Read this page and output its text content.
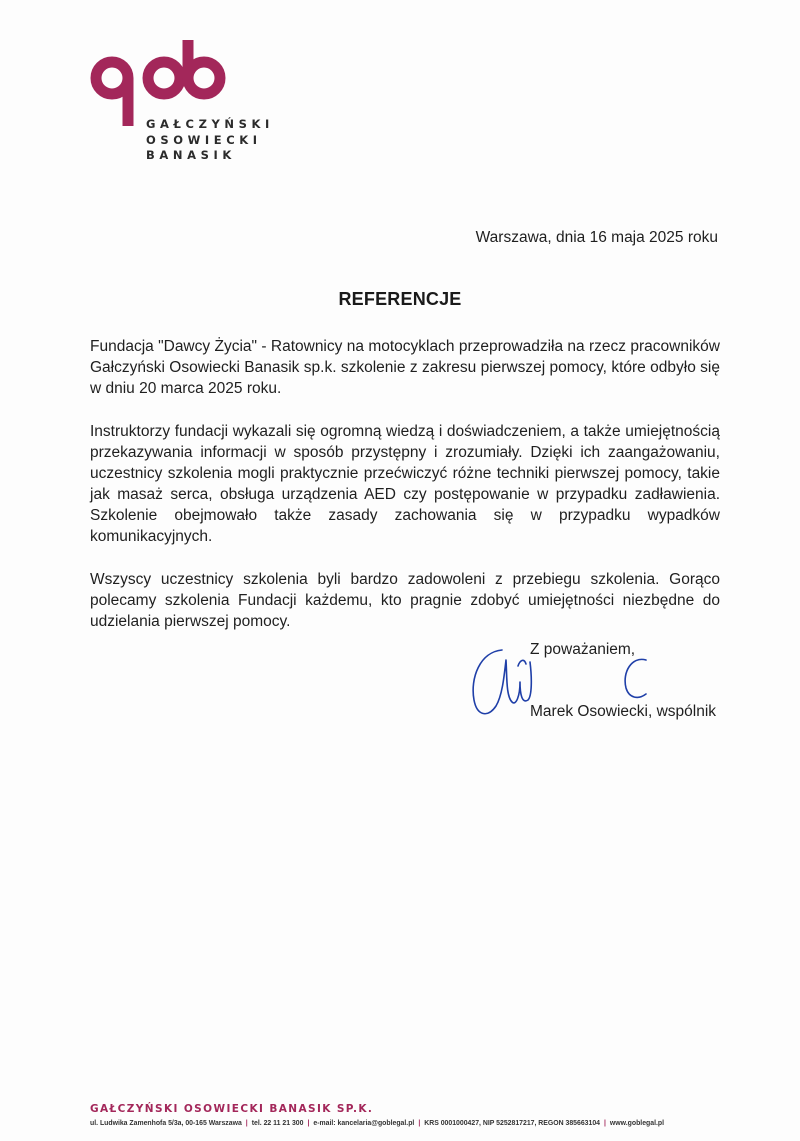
GAŁCZYŃSKI
OSOWIECKI
BANASIK
Warszawa, dnia 16 maja 2025 roku
REFERENCJE

Fundacja "Dawcy Życia" - Ratownicy na motocyklach przeprowadziła na rzecz pracowników Gałczyński Osowiecki Banasik sp.k. szkolenie z zakresu pierwszej pomocy, które odbyło się w dniu 20 marca 2025 roku.

Instruktorzy fundacji wykazali się ogromną wiedzą i doświadczeniem, a także umiejętnością przekazywania informacji w sposób przystępny i zrozumiały. Dzięki ich zaangażowaniu, uczestnicy szkolenia mogli praktycznie przećwiczyć różne techniki pierwszej pomocy, takie jak masaż serca, obsługa urządzenia AED czy postępowanie w przypadku zadławienia. Szkolenie obejmowało także zasady zachowania się w przypadku wypadków komunikacyjnych.

Wszyscy uczestnicy szkolenia byli bardzo zadowoleni z przebiegu szkolenia. Gorąco polecamy szkolenia Fundacji każdemu, kto pragnie zdobyć umiejętności niezbędne do udzielania pierwszej pomocy.

Z poważaniem,
Marek Osowiecki, wspólnik
GAŁCZYŃSKI OSOWIECKI BANASIK SP.K.
ul. Ludwika Zamenhofa 5/3a, 00-165 Warszawa | tel. 22 11 21 300 | e-mail: kancelaria@goblegal.pl | KRS 0001000427, NIP 5252817217, REGON 385663104 | www.goblegal.pl
